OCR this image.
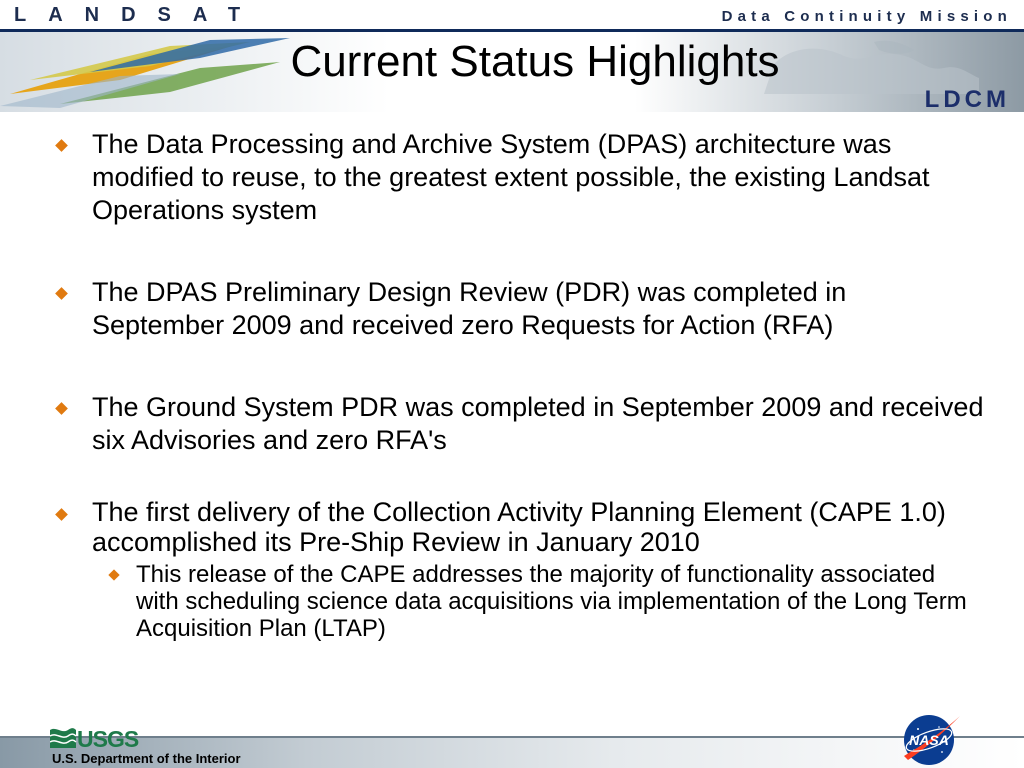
LANDSAT	Data Continuity Mission
LDCM
Current Status Highlights
The Data Processing and Archive System (DPAS) architecture was modified to reuse, to the greatest extent possible, the existing Landsat Operations system
The DPAS Preliminary Design Review (PDR) was completed in September 2009 and received zero Requests for Action (RFA)
The Ground System PDR was completed in September 2009 and received six Advisories and zero RFA's
The first delivery of the Collection Activity Planning Element (CAPE 1.0) accomplished its Pre-Ship Review in January 2010
This release of the CAPE addresses the majority of functionality associated with scheduling science data acquisitions via implementation of the Long Term Acquisition Plan (LTAP)
USGS
U.S. Department of the Interior
NASA
